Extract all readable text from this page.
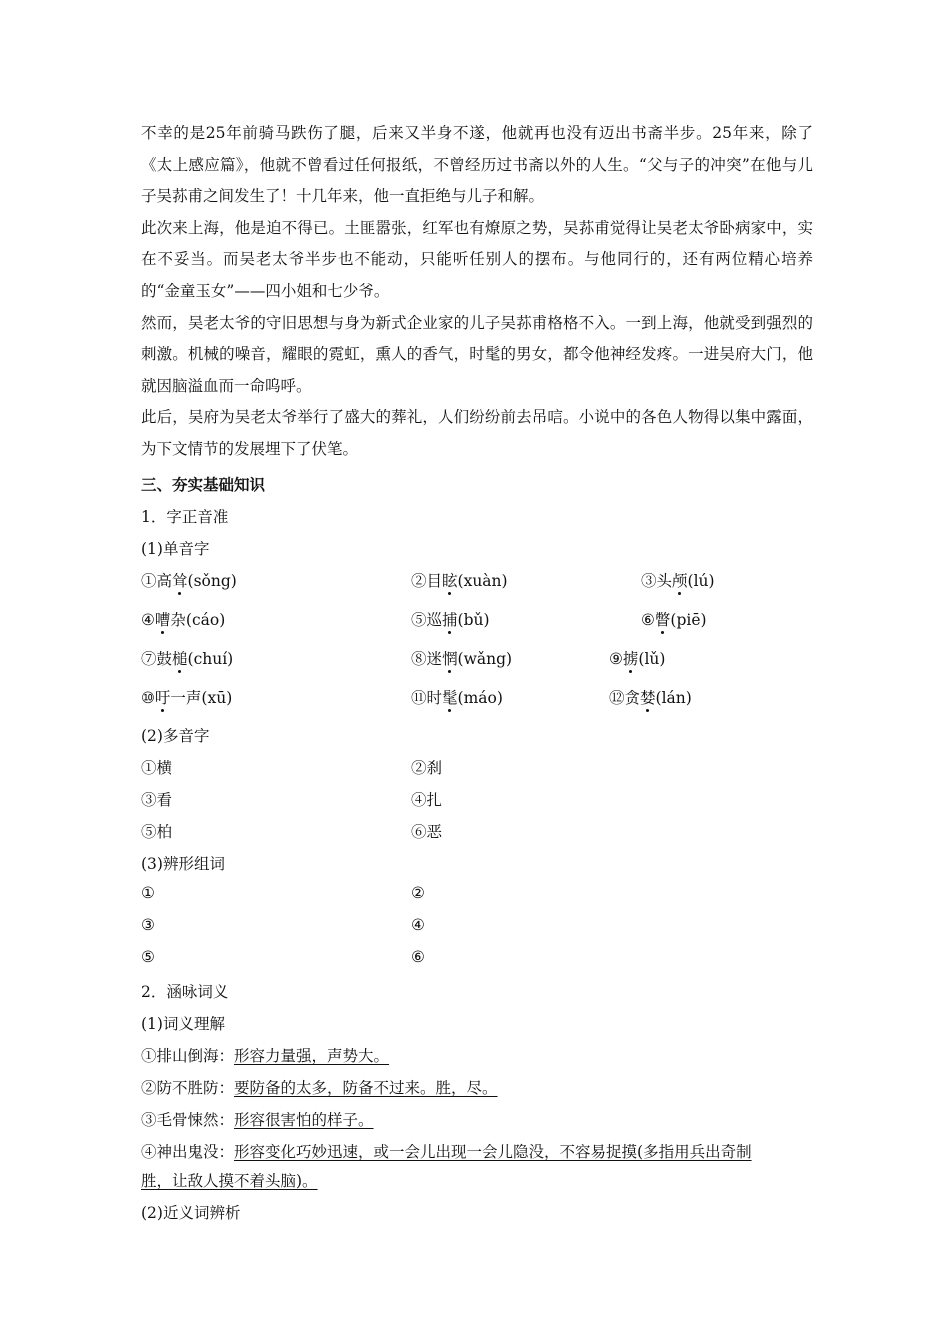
不幸的是25年前骑马跌伤了腿，后来又半身不遂，他就再也没有迈出书斋半步。25年来，除了《太上感应篇》，他就不曾看过任何报纸，不曾经历过书斋以外的人生。“父与子的冲突”在他与儿子吴荪甫之间发生了！十几年来，他一直拒绝与儿子和解。

此次来上海，他是迫不得已。土匪嚣张，红军也有燎原之势，吴荪甫觉得让吴老太爷卧病家中，实在不妥当。而吴老太爷半步也不能动，只能听任别人的摆布。与他同行的，还有两位精心培养的“金童玉女”——四小姐和七少爷。

然而，吴老太爷的守旧思想与身为新式企业家的儿子吴荪甫格格不入。一到上海，他就受到强烈的刺激。机械的噪音，耀眼的霓虹，熏人的香气，时髦的男女，都令他神经发疼。一进吴府大门，他就因脑溢血而一命呜呼。

此后，吴府为吴老太爷举行了盛大的葬礼，人们纷纷前去吊唁。小说中的各色人物得以集中露面，为下文情节的发展埋下了伏笔。

三、夯实基础知识
1．字正音准
(1)单音字
①高耸(sǒng)	②目眩(xuàn)	③头颅(lú)
④嘈杂(cáo)	⑤巡捕(bǔ)	⑥瞥(piē)
⑦鼓槌(chuí)	⑧迷惘(wǎng)	⑨掳(lǔ)
⑩吁一声(xū)	⑪时髦(máo)	⑫贪婪(lán)
(2)多音字
①横	②刹
③看	④扎
⑤柏	⑥恶
(3)辨形组词
①	②
③	④
⑤	⑥
2．涵咏词义
(1)词义理解
①排山倒海：形容力量强，声势大。
②防不胜防：要防备的太多，防备不过来。胜，尽。
③毛骨悚然：形容很害怕的样子。
④神出鬼没：形容变化巧妙迅速，或一会儿出现一会儿隐没，不容易捉摸(多指用兵出奇制
胜，让敌人摸不着头脑)。
(2)近义词辨析
